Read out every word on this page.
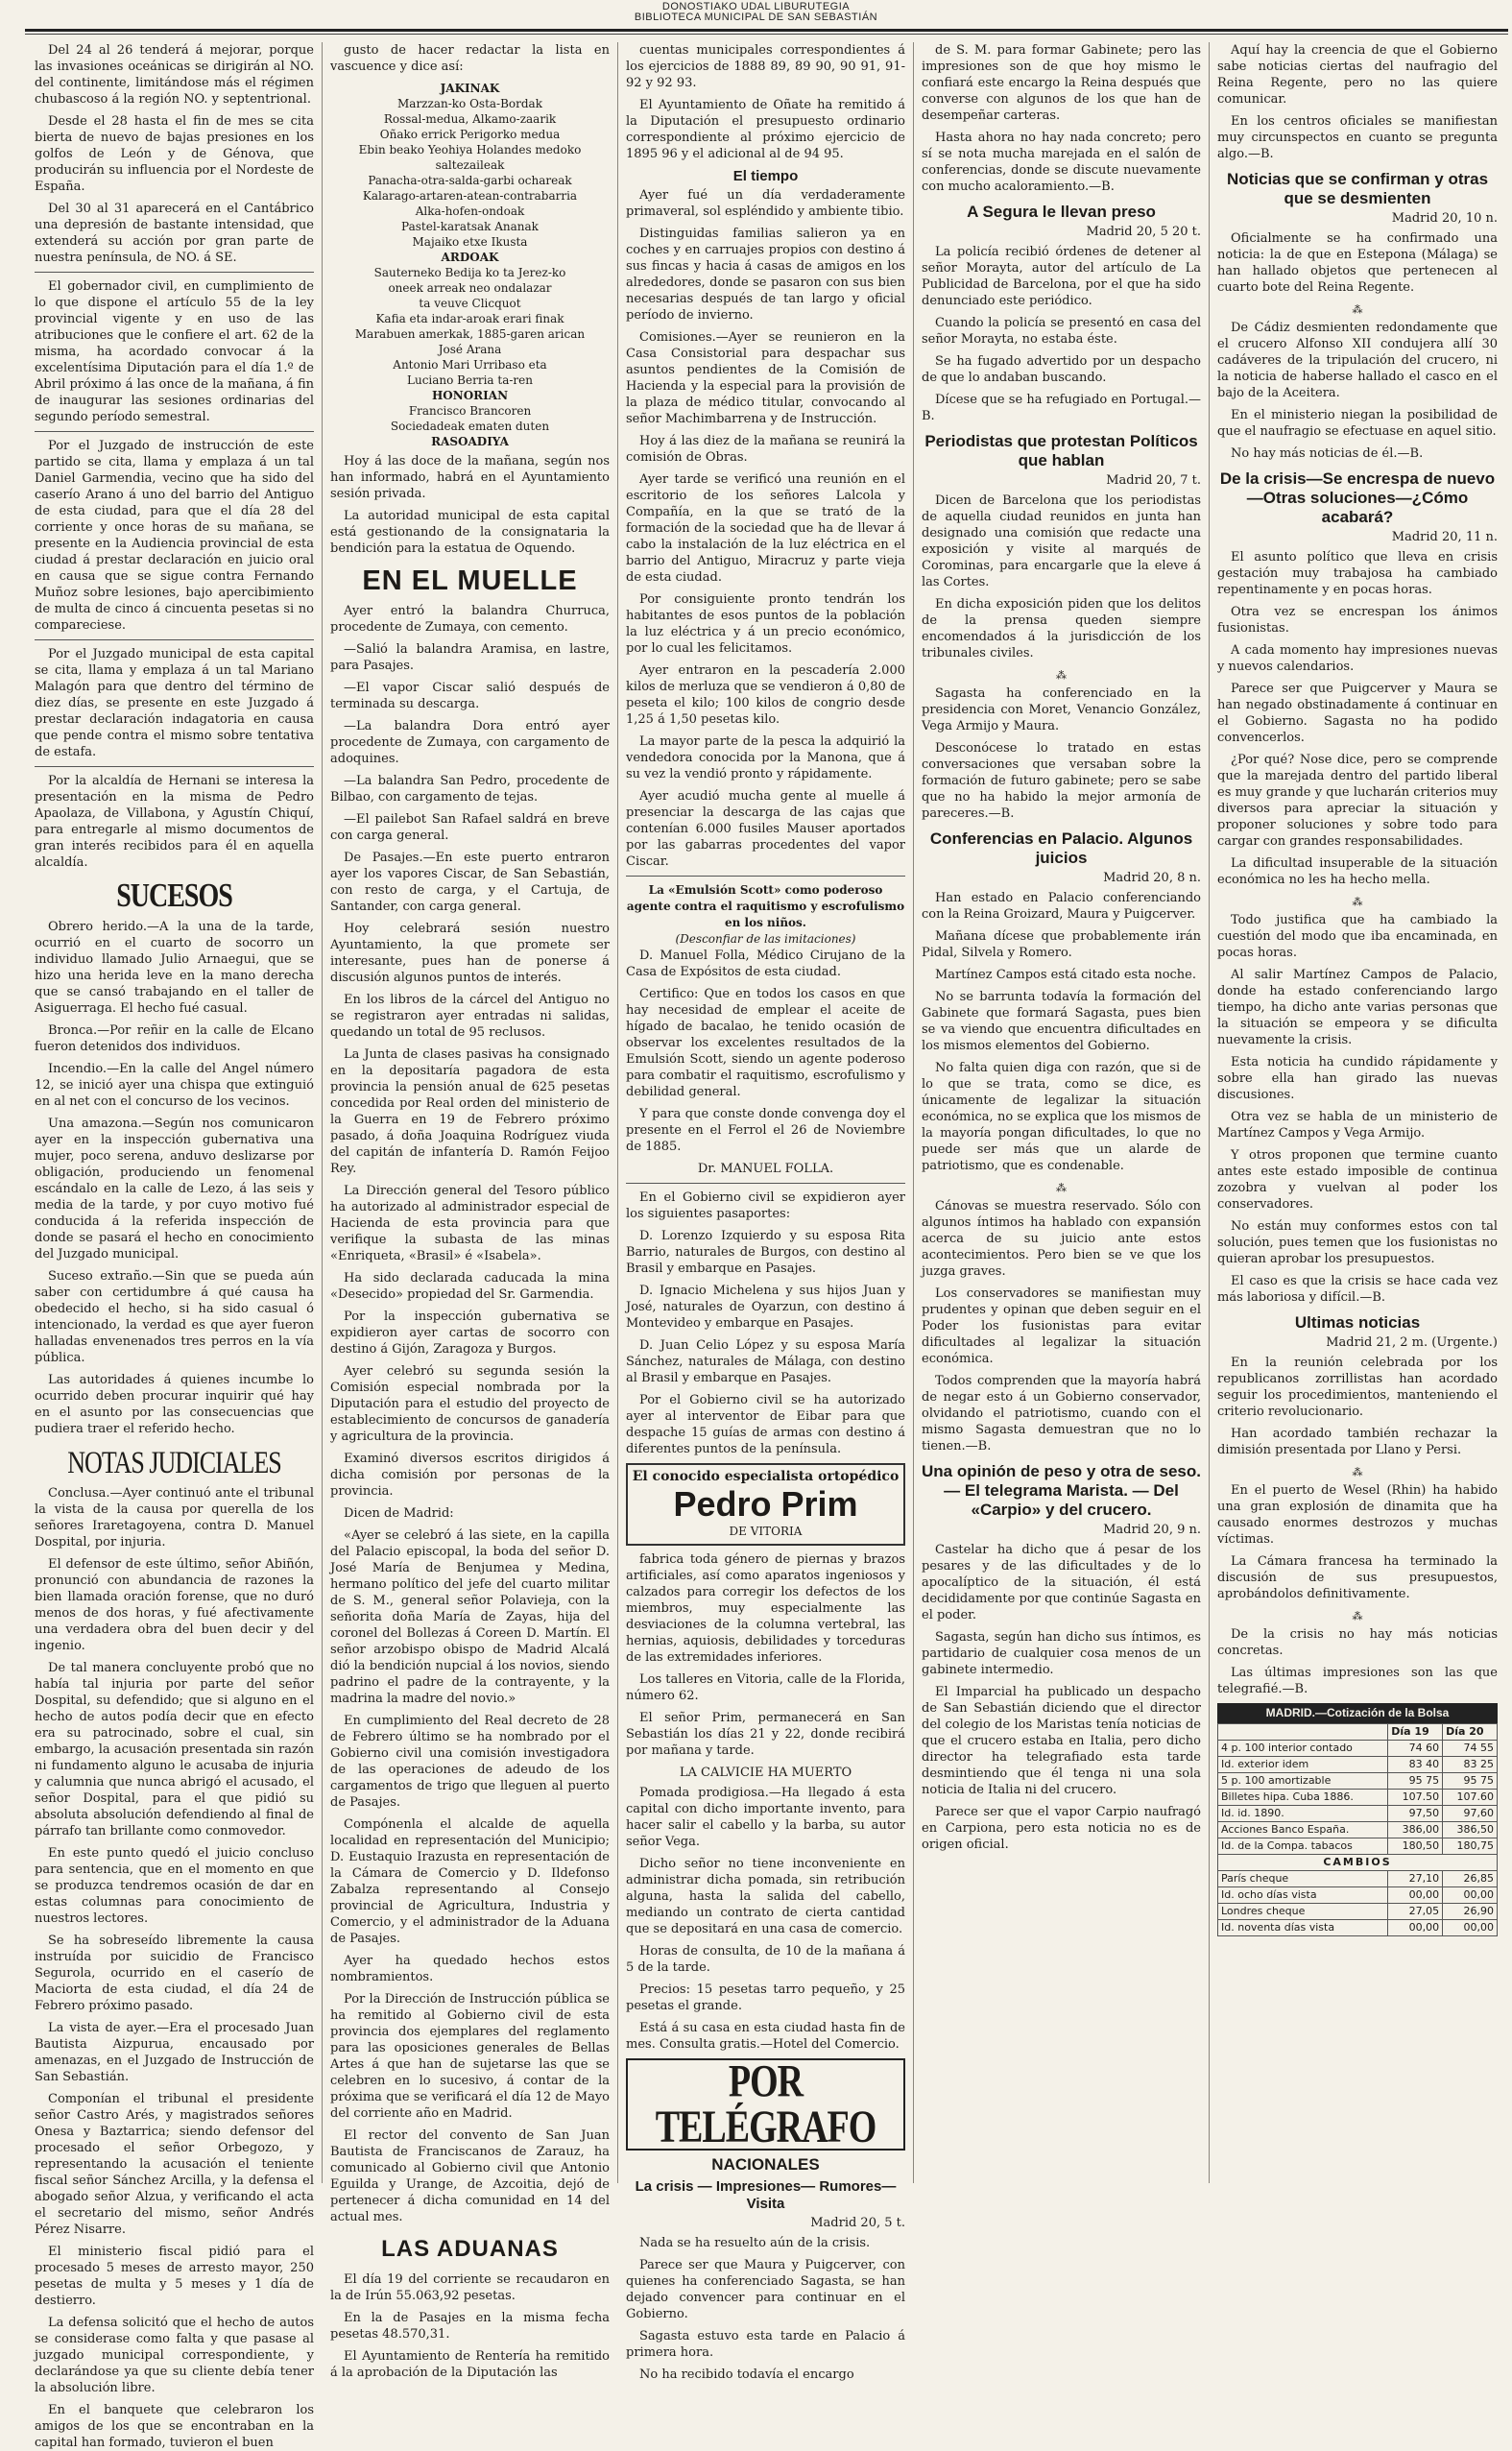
DONOSTIAKO UDAL LIBURUTEGIA
BIBLIOTECA MUNICIPAL DE SAN SEBASTIÁN

Del 24 al 26 tenderá á mejorar, porque las invasiones oceánicas se dirigirán al NO. del continente, limitándose más el régimen chubascoso á la región NO. y septentrional.

Desde el 28 hasta el fin de mes se cita bierta de nuevo de bajas presiones en los golfos de León y de Génova, que producirán su influencia por el Nordeste de España.

Del 30 al 31 aparecerá en el Cantábrico una depresión de bastante intensidad, que extenderá su acción por gran parte de nuestra península, de NO. á SE.

El gobernador civil, en cumplimiento de lo que dispone el artículo 55 de la ley provincial vigente y en uso de las atribuciones que le confiere el art. 62 de la misma, ha acordado convocar á la excelentísima Diputación para el día 1.º de Abril próximo á las once de la mañana, á fin de inaugurar las sesiones ordinarias del segundo período semestral.

Por el Juzgado de instrucción de este partido se cita, llama y emplaza á un tal Daniel Garmendia, vecino que ha sido del caserío Arano á uno del barrio del Antiguo de esta ciudad, para que el día 28 del corriente y once horas de su mañana, se presente en la Audiencia provincial de esta ciudad á prestar declaración en juicio oral en causa que se sigue contra Fernando Muñoz sobre lesiones, bajo apercibimiento de multa de cinco á cincuenta pesetas si no compareciese.

Por el Juzgado municipal de esta capital se cita, llama y emplaza á un tal Mariano Malagón para que dentro del término de diez días, se presente en este Juzgado á prestar declaración indagatoria en causa que pende contra el mismo sobre tentativa de estafa.

Por la alcaldía de Hernani se interesa la presentación en la misma de Pedro Apaolaza, de Villabona, y Agustín Chiquí, para entregarle al mismo documentos de gran interés recibidos para él en aquella alcaldía.

SUCESOS

Obrero herido.—A la una de la tarde, ocurrió en el cuarto de socorro un individuo llamado Julio Arnaegui, que se hizo una herida leve en la mano derecha que se cansó trabajando en el taller de Asiguerraga. El hecho fué casual.

Bronca.—Por reñir en la calle de Elcano fueron detenidos dos individuos.

Incendio.—En la calle del Angel número 12, se inició ayer una chispa que extinguió en al net con el concurso de los vecinos.

Una amazona.—Según nos comunicaron ayer en la inspección gubernativa una mujer, poco serena, anduvo deslizarse por obligación, produciendo un fenomenal escándalo en la calle de Lezo, á las seis y media de la tarde, y por cuyo motivo fué conducida á la referida inspección de donde se pasará el hecho en conocimiento del Juzgado municipal.

Suceso extraño.—Sin que se pueda aún saber con certidumbre á qué causa ha obedecido el hecho, si ha sido casual ó intencionado, la verdad es que ayer fueron halladas envenenados tres perros en la vía pública.

Las autoridades á quienes incumbe lo ocurrido deben procurar inquirir qué hay en el asunto por las consecuencias que pudiera traer el referido hecho.

NOTAS JUDICIALES

Conclusa.—Ayer continuó ante el tribunal la vista de la causa por querella de los señores Iraretagoyena, contra D. Manuel Dospital, por injuria.

El defensor de este último, señor Abiñón, pronunció con abundancia de razones la bien llamada oración forense, que no duró menos de dos horas, y fué afectivamente una verdadera obra del buen decir y del ingenio.

De tal manera concluyente probó que no había tal injuria por parte del señor Dospital, su defendido; que si alguno en el hecho de autos podía decir que en efecto era su patrocinado, sobre el cual, sin embargo, la acusación presentada sin razón ni fundamento alguno le acusaba de injuria y calumnia que nunca abrigó el acusado, el señor Dospital, para el que pidió su absoluta absolución defendiendo al final de párrafo tan brillante como conmovedor.

En este punto quedó el juicio concluso para sentencia, que en el momento en que se produzca tendremos ocasión de dar en estas columnas para conocimiento de nuestros lectores.

Se ha sobreseído libremente la causa instruída por suicidio de Francisco Segurola, ocurrido en el caserío de Maciorta de esta ciudad, el día 24 de Febrero próximo pasado.

La vista de ayer.—Era el procesado Juan Bautista Aizpurua, encausado por amenazas, en el Juzgado de Instrucción de San Sebastián.

Componían el tribunal el presidente señor Castro Arés, y magistrados señores Onesa y Baztarrica; siendo defensor del procesado el señor Orbegozo, y representando la acusación el teniente fiscal señor Sánchez Arcilla, y la defensa el abogado señor Alzua, y verificando el acta el secretario del mismo, señor Andrés Pérez Nisarre.

El ministerio fiscal pidió para el procesado 5 meses de arresto mayor, 250 pesetas de multa y 5 meses y 1 día de destierro.

La defensa solicitó que el hecho de autos se considerase como falta y que pasase al juzgado municipal correspondiente, y declarándose ya que su cliente debía tener la absolución libre.

En el banquete que celebraron los amigos de los que se encontraban en la capital han formado, tuvieron el buen

gusto de hacer redactar la lista en vascuence y dice así:

JAKINAK
Marzzan-ko Osta-Bordak
Rossal-medua, Alkamo-zaarik
Oñako errick Perigorko medua
Ebin beako Yeohiya Holandes medoko
saltezaileak
Panacha-otra-salda-garbi ochareak
Kalarago-artaren-atean-contrabarria
Alka-hofen-ondoak
Pastel-karatsak Ananak
Majaiko etxe Ikusta
ARDOAK
Sauterneko Bedija ko ta Jerez-ko
oneek arreak neo ondalazar
ta veuve Clicquot
Kafia eta indar-aroak erari finak
Marabuen amerkak, 1885-garen arican
José Arana
Antonio Mari Urribaso eta
Luciano Berria ta-ren
HONORIAN
Francisco Brancoren
Sociedadeak ematen duten
RASOADIYA

Hoy á las doce de la mañana, según nos han informado, habrá en el Ayuntamiento sesión privada.

La autoridad municipal de esta capital está gestionando de la consignataria la bendición para la estatua de Oquendo.

EN EL MUELLE

Ayer entró la balandra Churruca, procedente de Zumaya, con cemento.

—Salió la balandra Aramisa, en lastre, para Pasajes.

—El vapor Ciscar salió después de terminada su descarga.

—La balandra Dora entró ayer procedente de Zumaya, con cargamento de adoquines.

—La balandra San Pedro, procedente de Bilbao, con cargamento de tejas.

—El pailebot San Rafael saldrá en breve con carga general.

De Pasajes.—En este puerto entraron ayer los vapores Ciscar, de San Sebastián, con resto de carga, y el Cartuja, de Santander, con carga general.

Hoy celebrará sesión nuestro Ayuntamiento, la que promete ser interesante, pues han de ponerse á discusión algunos puntos de interés.

En los libros de la cárcel del Antiguo no se registraron ayer entradas ni salidas, quedando un total de 95 reclusos.

La Junta de clases pasivas ha consignado en la depositaría pagadora de esta provincia la pensión anual de 625 pesetas concedida por Real orden del ministerio de la Guerra en 19 de Febrero próximo pasado, á doña Joaquina Rodríguez viuda del capitán de infantería D. Ramón Feijoo Rey.

La Dirección general del Tesoro público ha autorizado al administrador especial de Hacienda de esta provincia para que verifique la subasta de las minas «Enriqueta, «Brasil» é «Isabela».

Ha sido declarada caducada la mina «Desecido» propiedad del Sr. Garmendia.

Por la inspección gubernativa se expidieron ayer cartas de socorro con destino á Gijón, Zaragoza y Burgos.

Ayer celebró su segunda sesión la Comisión especial nombrada por la Diputación para el estudio del proyecto de establecimiento de concursos de ganadería y agricultura de la provincia.

Examinó diversos escritos dirigidos á dicha comisión por personas de la provincia.

Dicen de Madrid:

«Ayer se celebró á las siete, en la capilla del Palacio episcopal, la boda del señor D. José María de Benjumea y Medina, hermano político del jefe del cuarto militar de S. M., general señor Polavieja, con la señorita doña María de Zayas, hija del coronel del Bollezas á Coreen D. Martín. El señor arzobispo obispo de Madrid Alcalá dió la bendición nupcial á los novios, siendo padrino el padre de la contrayente, y la madrina la madre del novio.»

En cumplimiento del Real decreto de 28 de Febrero último se ha nombrado por el Gobierno civil una comisión investigadora de las operaciones de adeudo de los cargamentos de trigo que lleguen al puerto de Pasajes.

Compónenla el alcalde de aquella localidad en representación del Municipio; D. Eustaquio Irazusta en representación de la Cámara de Comercio y D. Ildefonso Zabalza representando al Consejo provincial de Agricultura, Industria y Comercio, y el administrador de la Aduana de Pasajes.

Ayer ha quedado hechos estos nombramientos.

Por la Dirección de Instrucción pública se ha remitido al Gobierno civil de esta provincia dos ejemplares del reglamento para las oposiciones generales de Bellas Artes á que han de sujetarse las que se celebren en lo sucesivo, á contar de la próxima que se verificará el día 12 de Mayo del corriente año en Madrid.

El rector del convento de San Juan Bautista de Franciscanos de Zarauz, ha comunicado al Gobierno civil que Antonio Eguilda y Urange, de Azcoitia, dejó de pertenecer á dicha comunidad en 14 del actual mes.

LAS ADUANAS

El día 19 del corriente se recaudaron en la de Irún 55.063,92 pesetas.

En la de Pasajes en la misma fecha pesetas 48.570,31.

El Ayuntamiento de Rentería ha remitido á la aprobación de la Diputación las

cuentas municipales correspondientes á los ejercicios de 1888 89, 89 90, 90 91, 91-92 y 92 93.

El Ayuntamiento de Oñate ha remitido á la Diputación el presupuesto ordinario correspondiente al próximo ejercicio de 1895 96 y el adicional al de 94 95.

El tiempo

Ayer fué un día verdaderamente primaveral, sol espléndido y ambiente tibio.

Distinguidas familias salieron ya en coches y en carruajes propios con destino á sus fincas y hacia á casas de amigos en los alrededores, donde se pasaron con sus bien necesarias después de tan largo y oficial período de invierno.

Comisiones.—Ayer se reunieron en la Casa Consistorial para despachar sus asuntos pendientes de la Comisión de Hacienda y la especial para la provisión de la plaza de médico titular, convocando al señor Machimbarrena y de Instrucción.

Hoy á las diez de la mañana se reunirá la comisión de Obras.

Ayer tarde se verificó una reunión en el escritorio de los señores Lalcola y Compañía, en la que se trató de la formación de la sociedad que ha de llevar á cabo la instalación de la luz eléctrica en el barrio del Antiguo, Miracruz y parte vieja de esta ciudad.

Por consiguiente pronto tendrán los habitantes de esos puntos de la población la luz eléctrica y á un precio económico, por lo cual les felicitamos.

Ayer entraron en la pescadería 2.000 kilos de merluza que se vendieron á 0,80 de peseta el kilo; 100 kilos de congrio desde 1,25 á 1,50 pesetas kilo.

La mayor parte de la pesca la adquirió la vendedora conocida por la Manona, que á su vez la vendió pronto y rápidamente.

Ayer acudió mucha gente al muelle á presenciar la descarga de las cajas que contenían 6.000 fusiles Mauser aportados por las gabarras procedentes del vapor Ciscar.

La «Emulsión Scott» como poderoso agente contra el raquitismo y escrofulismo en los niños.
(Desconfiar de las imitaciones)

D. Manuel Folla, Médico Cirujano de la Casa de Expósitos de esta ciudad.

Certifico: Que en todos los casos en que hay necesidad de emplear el aceite de hígado de bacalao, he tenido ocasión de observar los excelentes resultados de la Emulsión Scott, siendo un agente poderoso para combatir el raquitismo, escrofulismo y debilidad general.

Y para que conste donde convenga doy el presente en el Ferrol el 26 de Noviembre de 1885.

Dr. MANUEL FOLLA.

En el Gobierno civil se expidieron ayer los siguientes pasaportes:

D. Lorenzo Izquierdo y su esposa Rita Barrio, naturales de Burgos, con destino al Brasil y embarque en Pasajes.

D. Ignacio Michelena y sus hijos Juan y José, naturales de Oyarzun, con destino á Montevideo y embarque en Pasajes.

D. Juan Celio López y su esposa María Sánchez, naturales de Málaga, con destino al Brasil y embarque en Pasajes.

Por el Gobierno civil se ha autorizado ayer al interventor de Eibar para que despache 15 guías de armas con destino á diferentes puntos de la península.

El conocido especialista ortopédico
Pedro Prim
DE VITORIA

fabrica toda género de piernas y brazos artificiales, así como aparatos ingeniosos y calzados para corregir los defectos de los miembros, muy especialmente las desviaciones de la columna vertebral, las hernias, aquiosis, debilidades y torceduras de las extremidades inferiores.

Los talleres en Vitoria, calle de la Florida, número 62.

El señor Prim, permanecerá en San Sebastián los días 21 y 22, donde recibirá por mañana y tarde.

LA CALVICIE HA MUERTO

Pomada prodigiosa.—Ha llegado á esta capital con dicho importante invento, para hacer salir el cabello y la barba, su autor señor Vega.

Dicho señor no tiene inconveniente en administrar dicha pomada, sin retribución alguna, hasta la salida del cabello, mediando un contrato de cierta cantidad que se depositará en una casa de comercio.

Horas de consulta, de 10 de la mañana á 5 de la tarde.

Precios: 15 pesetas tarro pequeño, y 25 pesetas el grande.

Está á su casa en esta ciudad hasta fin de mes. Consulta gratis.—Hotel del Comercio.

POR TELÉGRAFO
NACIONALES
La crisis — Impresiones— Rumores—Visita
Madrid 20, 5 t.

Nada se ha resuelto aún de la crisis.

Parece ser que Maura y Puigcerver, con quienes ha conferenciado Sagasta, se han dejado convencer para continuar en el Gobierno.

Sagasta estuvo esta tarde en Palacio á primera hora.

No ha recibido todavía el encargo

de S. M. para formar Gabinete; pero las impresiones son de que hoy mismo le confiará este encargo la Reina después que converse con algunos de los que han de desempeñar carteras.

Hasta ahora no hay nada concreto; pero sí se nota mucha marejada en el salón de conferencias, donde se discute nuevamente con mucho acaloramiento.—B.

A Segura le llevan preso
Madrid 20, 5 20 t.

La policía recibió órdenes de detener al señor Morayta, autor del artículo de La Publicidad de Barcelona, por el que ha sido denunciado este periódico.

Cuando la policía se presentó en casa del señor Morayta, no estaba éste.

Se ha fugado advertido por un despacho de que lo andaban buscando.

Dícese que se ha refugiado en Portugal.—B.

Periodistas que protestan Políticos que hablan
Madrid 20, 7 t.

Dicen de Barcelona que los periodistas de aquella ciudad reunidos en junta han designado una comisión que redacte una exposición y visite al marqués de Corominas, para encargarle que la eleve á las Cortes.

En dicha exposición piden que los delitos de la prensa queden siempre encomendados á la jurisdicción de los tribunales civiles.

⁂

Sagasta ha conferenciado en la presidencia con Moret, Venancio González, Vega Armijo y Maura.

Desconócese lo tratado en estas conversaciones que versaban sobre la formación de futuro gabinete; pero se sabe que no ha habido la mejor armonía de pareceres.—B.

Conferencias en Palacio. Algunos juicios
Madrid 20, 8 n.

Han estado en Palacio conferenciando con la Reina Groizard, Maura y Puigcerver.

Mañana dícese que probablemente irán Pidal, Silvela y Romero.

Martínez Campos está citado esta noche.

No se barrunta todavía la formación del Gabinete que formará Sagasta, pues bien se va viendo que encuentra dificultades en los mismos elementos del Gobierno.

No falta quien diga con razón, que si de lo que se trata, como se dice, es únicamente de legalizar la situación económica, no se explica que los mismos de la mayoría pongan dificultades, lo que no puede ser más que un alarde de patriotismo, que es condenable.

⁂

Cánovas se muestra reservado. Sólo con algunos íntimos ha hablado con expansión acerca de su juicio ante estos acontecimientos. Pero bien se ve que los juzga graves.

Los conservadores se manifiestan muy prudentes y opinan que deben seguir en el Poder los fusionistas para evitar dificultades al legalizar la situación económica.

Todos comprenden que la mayoría habrá de negar esto á un Gobierno conservador, olvidando el patriotismo, cuando con el mismo Sagasta demuestran que no lo tienen.—B.

Una opinión de peso y otra de seso. — El telegrama Marista. — Del «Carpio» y del crucero.
Madrid 20, 9 n.

Castelar ha dicho que á pesar de los pesares y de las dificultades y de lo apocalíptico de la situación, él está decididamente por que continúe Sagasta en el poder.

Sagasta, según han dicho sus íntimos, es partidario de cualquier cosa menos de un gabinete intermedio.

El Imparcial ha publicado un despacho de San Sebastián diciendo que el director del colegio de los Maristas tenía noticias de que el crucero estaba en Italia, pero dicho director ha telegrafiado esta tarde desmintiendo que él tenga ni una sola noticia de Italia ni del crucero.

Parece ser que el vapor Carpio naufragó en Carpiona, pero esta noticia no es de origen oficial.

Aquí hay la creencia de que el Gobierno sabe noticias ciertas del naufragio del Reina Regente, pero no las quiere comunicar.

En los centros oficiales se manifiestan muy circunspectos en cuanto se pregunta algo.—B.

Noticias que se confirman y otras que se desmienten
Madrid 20, 10 n.

Oficialmente se ha confirmado una noticia: la de que en Estepona (Málaga) se han hallado objetos que pertenecen al cuarto bote del Reina Regente.

⁂

De Cádiz desmienten redondamente que el crucero Alfonso XII condujera allí 30 cadáveres de la tripulación del crucero, ni la noticia de haberse hallado el casco en el bajo de la Aceitera.

En el ministerio niegan la posibilidad de que el naufragio se efectuase en aquel sitio.

No hay más noticias de él.—B.

De la crisis—Se encrespa de nuevo—Otras soluciones—¿Cómo acabará?
Madrid 20, 11 n.

El asunto político que lleva en crisis gestación muy trabajosa ha cambiado repentinamente y en pocas horas.

Otra vez se encrespan los ánimos fusionistas.

A cada momento hay impresiones nuevas y nuevos calendarios.

Parece ser que Puigcerver y Maura se han negado obstinadamente á continuar en el Gobierno. Sagasta no ha podido convencerlos.

¿Por qué? Nose dice, pero se comprende que la marejada dentro del partido liberal es muy grande y que lucharán criterios muy diversos para apreciar la situación y proponer soluciones y sobre todo para cargar con grandes responsabilidades.

La dificultad insuperable de la situación económica no les ha hecho mella.

⁂

Todo justifica que ha cambiado la cuestión del modo que iba encaminada, en pocas horas.

Al salir Martínez Campos de Palacio, donde ha estado conferenciando largo tiempo, ha dicho ante varias personas que la situación se empeora y se dificulta nuevamente la crisis.

Esta noticia ha cundido rápidamente y sobre ella han girado las nuevas discusiones.

Otra vez se habla de un ministerio de Martínez Campos y Vega Armijo.

Y otros proponen que termine cuanto antes este estado imposible de continua zozobra y vuelvan al poder los conservadores.

No están muy conformes estos con tal solución, pues temen que los fusionistas no quieran aprobar los presupuestos.

El caso es que la crisis se hace cada vez más laboriosa y difícil.—B.

Ultimas noticias
Madrid 21, 2 m. (Urgente.)

En la reunión celebrada por los republicanos zorrillistas han acordado seguir los procedimientos, manteniendo el criterio revolucionario.

Han acordado también rechazar la dimisión presentada por Llano y Persi.

⁂

En el puerto de Wesel (Rhin) ha habido una gran explosión de dinamita que ha causado enormes destrozos y muchas víctimas.

La Cámara francesa ha terminado la discusión de sus presupuestos, aprobándolos definitivamente.

⁂

De la crisis no hay más noticias concretas.

Las últimas impresiones son las que telegrafié.—B.

MADRID.—Cotización de la Bolsa
	Día 19	Día 20
4 p. 100 interior contado	74 60	74 55
Id. exterior idem	83 40	83 25
5 p. 100 amortizable	95 75	95 75
Billetes hipa. Cuba 1886.	107.50	107.60
Id. id. 1890.	97,50	97,60
Acciones Banco España.	386,00	386,50
Id. de la Compa. tabacos	180,50	180,75
CAMBIOS		
París cheque	27,10	26,85
Id. ocho días vista	00,00	00,00
Londres cheque	27,05	26,90
Id. noventa días vista	00,00	00,00
